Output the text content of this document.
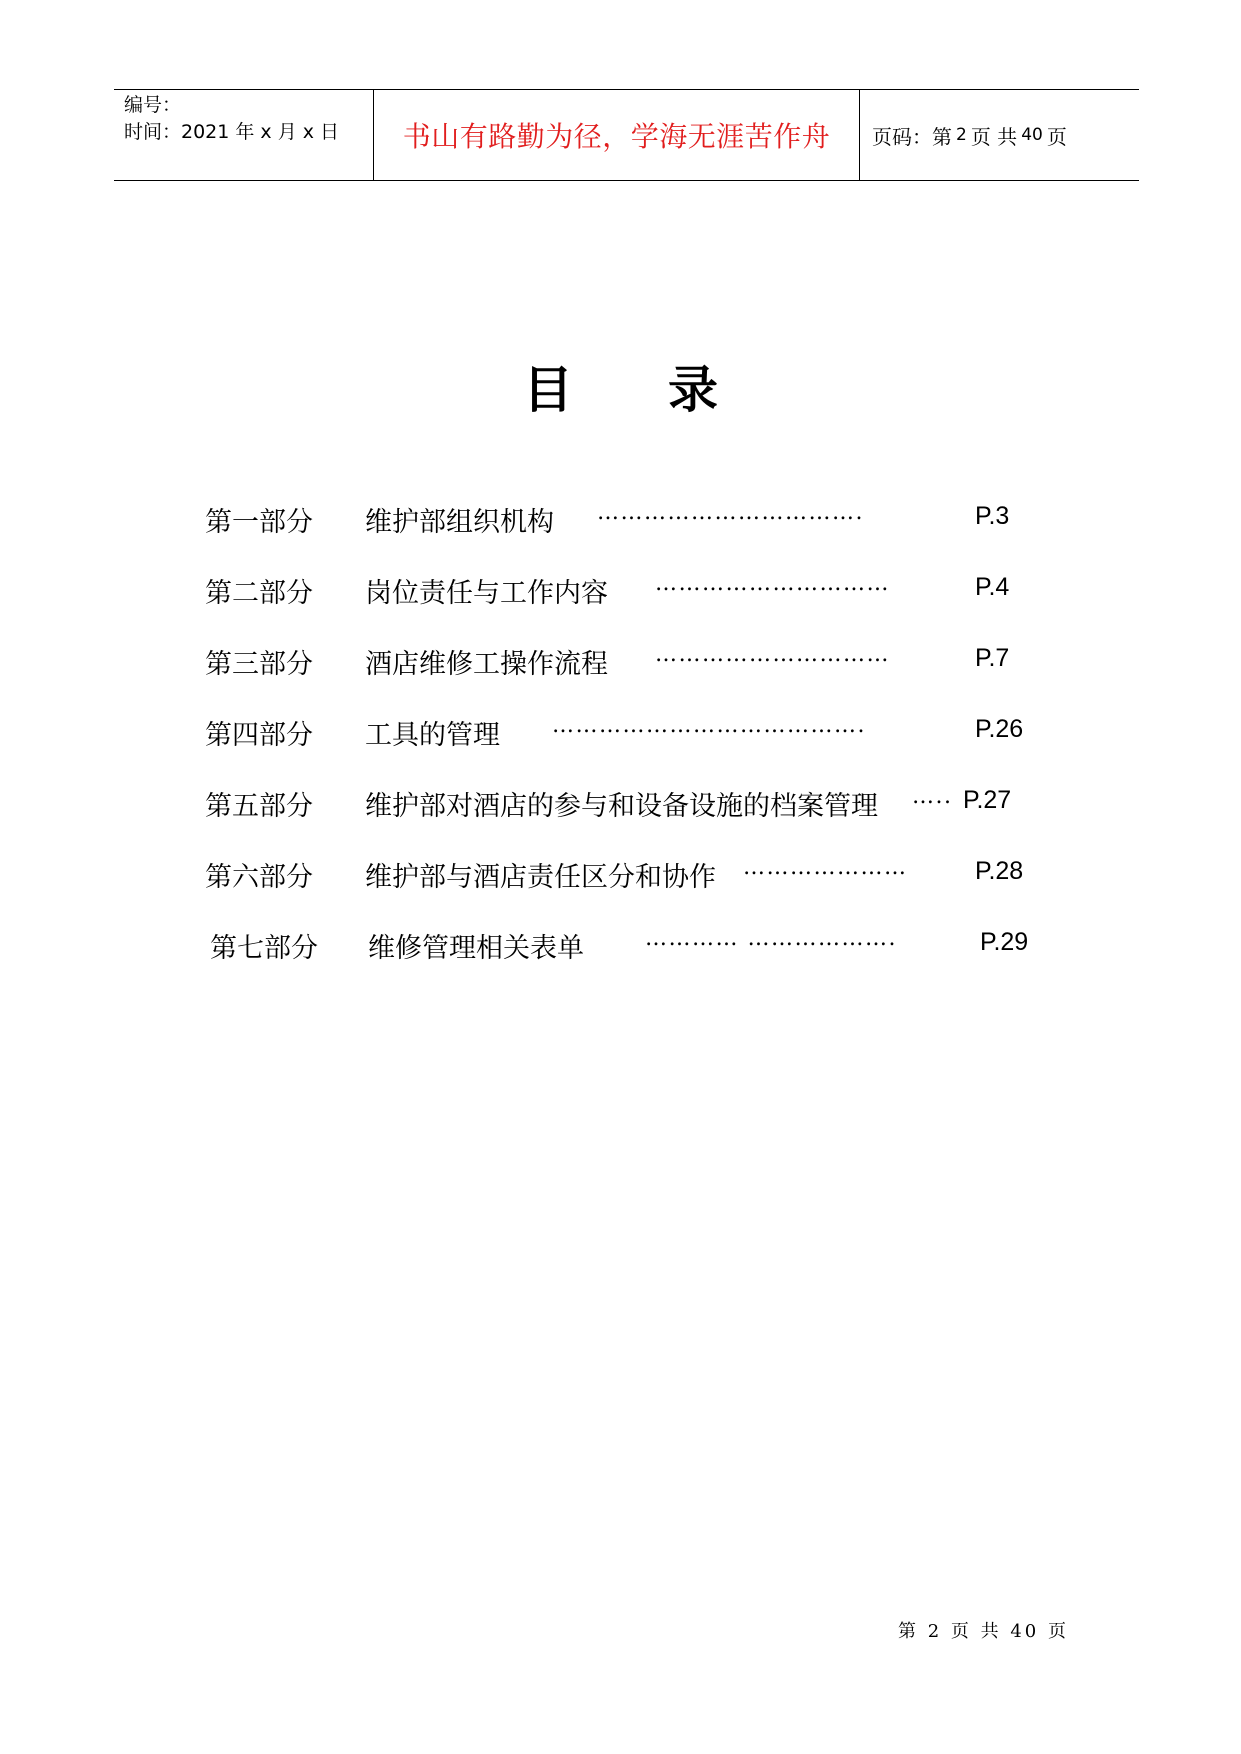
编号：
时间：2021 年 x 月 x 日	书山有路勤为径，学海无涯苦作舟 页码：第 2 页 共 40 页
目 录
第一部分 维护部组织机构 …………………………….	P.3
第二部分 岗位责任与工作内容 …………………………	P.4
第三部分 酒店维修工操作流程 …………………………	P.7
第四部分 工具的管理 ………………………………….	P.26
第五部分 维护部对酒店的参与和设备设施的档案管理 ….. P.27
第六部分 维护部与酒店责任区分和协作 …………………	P.28
第七部分 维修管理相关表单	………… ……………….	P.29
第 2 页 共 40 页
